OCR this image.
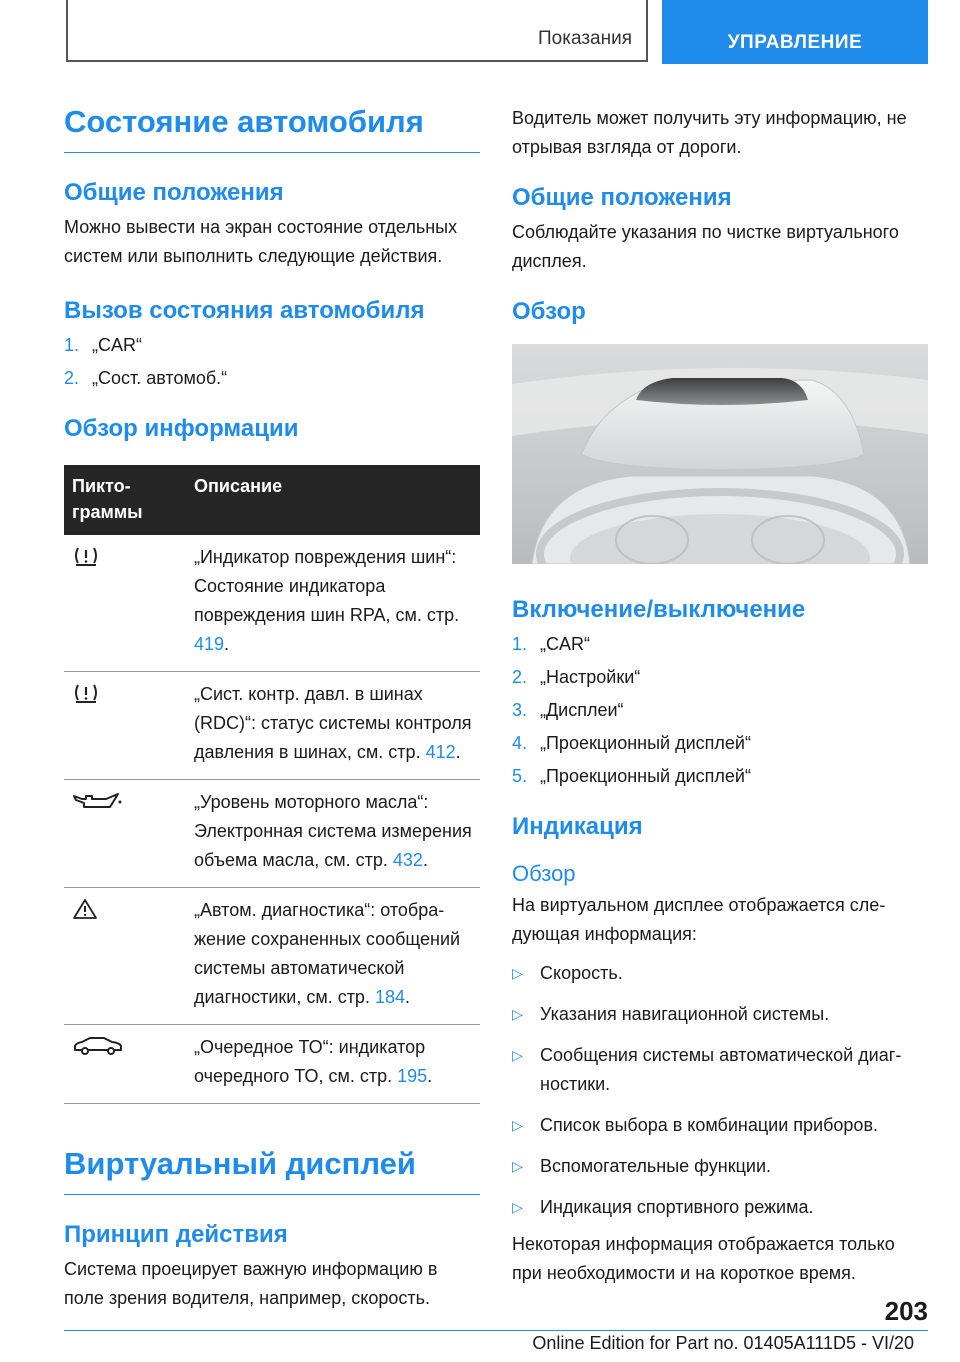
Показания	УПРАВЛЕНИЕ
Состояние автомобиля
Общие положения

Можно вывести на экран состояние отдельных систем или выполнить следующие действия.

Вызов состояния автомобиля
1. „CAR“
2. „Сост. автомоб.“
Обзор информации
Пиктограммы	Описание
	„Индикатор повреждения шин“: Состояние индикатора повреждения шин RPA, см. стр. 419.
	„Сист. контр. давл. в шинах (RDC)“: статус системы контроля давления в шинах, см. стр. 412.
	„Уровень моторного масла“: Электронная система измерения объема масла, см. стр. 432.
	„Автом. диагностика“: отображение сохраненных сообщений системы автоматической диагностики, см. стр. 184.
	„Очередное ТО“: индикатор очередного ТО, см. стр. 195.
Виртуальный дисплей
Принцип действия

Система проецирует важную информацию в поле зрения водителя, например, скорость.

Водитель может получить эту информацию, не отрывая взгляда от дороги.

Общие положения

Соблюдайте указания по чистке виртуального дисплея.

Обзор
Включение/выключение
1. „CAR“
2. „Настройки“
3. „Дисплеи“
4. „Проекционный дисплей“
5. „Проекционный дисплей“
Индикация
Обзор

На виртуальном дисплее отображается следующая информация:

▷ Скорость.
▷ Указания навигационной системы.
▷ Сообщения системы автоматической диагностики.
▷ Список выбора в комбинации приборов.
▷ Вспомогательные функции.
▷ Индикация спортивного режима.

Некоторая информация отображается только при необходимости и на короткое время.

203
Online Edition for Part no. 01405A111D5 - VI/20
